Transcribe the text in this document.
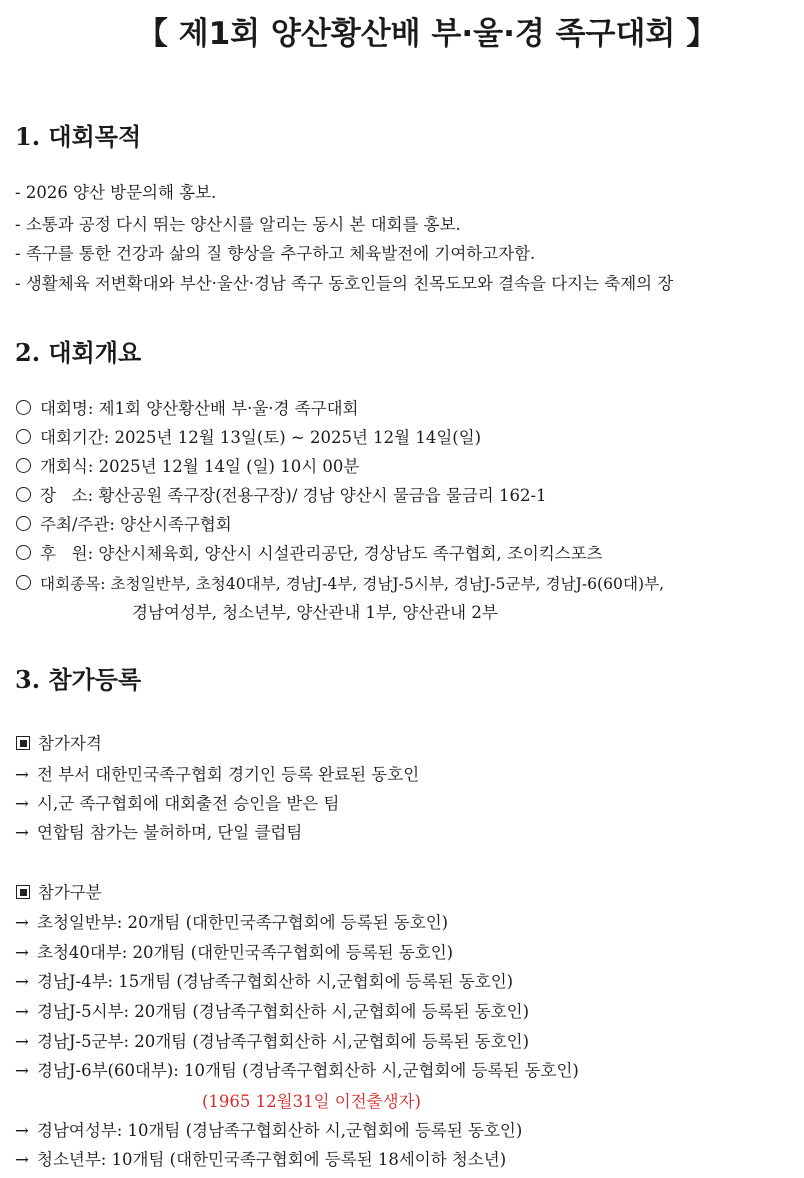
【 제1회 양산황산배 부·울·경 족구대회 】
1. 대회목적
- 2026 양산 방문의해 홍보.
- 소통과 공정 다시 뛰는 양산시를 알리는 동시 본 대회를 홍보.
- 족구를 통한 건강과 삶의 질 향상을 추구하고 체육발전에 기여하고자함.
- 생활체육 저변확대와 부산·울산·경남 족구 동호인들의 친목도모와 결속을 다지는 축제의 장
2. 대회개요
대회명: 제1회 양산황산배 부·울·경 족구대회
대회기간: 2025년 12월 13일(토) ~ 2025년 12월 14일(일)
개회식: 2025년 12월 14일 (일) 10시 00분
장   소: 황산공원 족구장(전용구장)/ 경남 양산시 물금읍 물금리 162-1
주최/주관: 양산시족구협회
후   원: 양산시체육회, 양산시 시설관리공단, 경상남도 족구협회, 조이킥스포츠
대회종목: 초청일반부, 초청40대부, 경남J-4부, 경남J-5시부, 경남J-5군부, 경남J-6(60대)부,
경남여성부, 청소년부, 양산관내 1부, 양산관내 2부
3. 참가등록
참가자격
→ 전 부서 대한민국족구협회 경기인 등록 완료된 동호인
→ 시,군 족구협회에 대회출전 승인을 받은 팀
→ 연합팀 참가는 불허하며, 단일 클럽팀
참가구분
→ 초청일반부: 20개팀 (대한민국족구협회에 등록된 동호인)
→ 초청40대부: 20개팀 (대한민국족구협회에 등록된 동호인)
→ 경남J-4부: 15개팀 (경남족구협회산하 시,군협회에 등록된 동호인)
→ 경남J-5시부: 20개팀 (경남족구협회산하 시,군협회에 등록된 동호인)
→ 경남J-5군부: 20개팀 (경남족구협회산하 시,군협회에 등록된 동호인)
→ 경남J-6부(60대부): 10개팀 (경남족구협회산하 시,군협회에 등록된 동호인)
(1965 12월31일 이전출생자)
→ 경남여성부: 10개팀 (경남족구협회산하 시,군협회에 등록된 동호인)
→ 청소년부: 10개팀 (대한민국족구협회에 등록된 18세이하 청소년)
